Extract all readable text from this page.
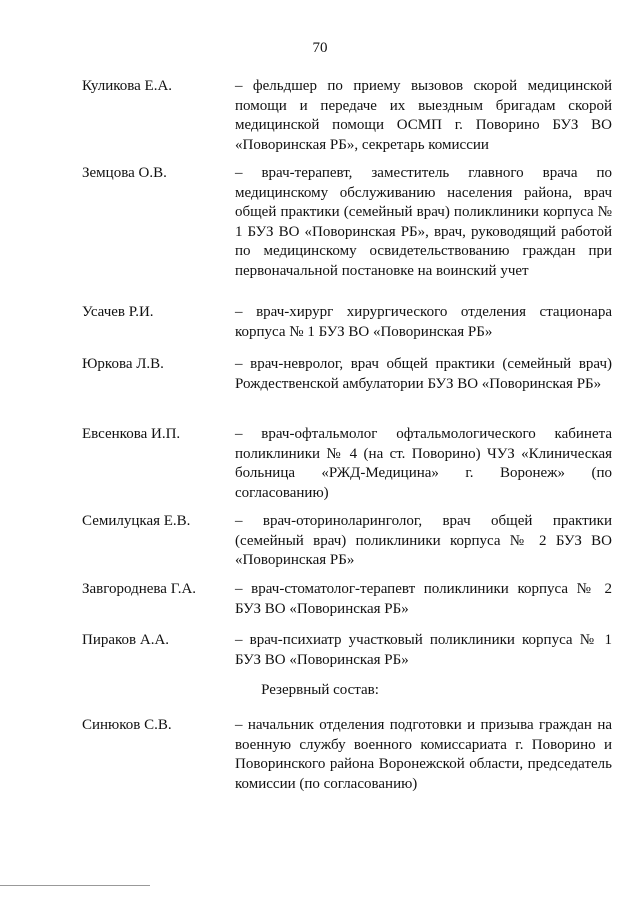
70
Куликова Е.А.	– фельдшер по приему вызовов скорой медицинской помощи и передаче их выездным бригадам скорой медицинской помощи ОСМП г. Поворино БУЗ ВО «Поворинская РБ», секретарь комиссии
Земцова О.В.	– врач-терапевт, заместитель главного врача по медицинскому обслуживанию населения района, врач общей практики (семейный врач) поликлиники корпуса № 1 БУЗ ВО «Поворинская РБ», врач, руководящий работой по медицинскому освидетельствованию граждан при первоначальной постановке на воинский учет
Усачев Р.И.	– врач-хирург хирургического отделения стационара корпуса № 1 БУЗ ВО «Поворинская РБ»
Юркова Л.В.	– врач-невролог, врач общей практики (семейный врач) Рождественской амбулатории БУЗ ВО «Поворинская РБ»
Евсенкова И.П.	– врач-офтальмолог офтальмологического кабинета поликлиники № 4 (на ст. Поворино) ЧУЗ «Клиническая больница «РЖД-Медицина» г. Воронеж» (по согласованию)
Семилуцкая Е.В.	– врач-оториноларинголог, врач общей практики (семейный врач) поликлиники корпуса № 2 БУЗ ВО «Поворинская РБ»
Завгороднева Г.А.	– врач-стоматолог-терапевт поликлиники корпуса № 2 БУЗ ВО «Поворинская РБ»
Пираков А.А.	– врач-психиатр участковый поликлиники корпуса № 1 БУЗ ВО «Поворинская РБ»
Резервный состав:
Синюков С.В.	– начальник отделения подготовки и призыва граждан на военную службу военного комиссариата г. Поворино и Поворинского района Воронежской области, председатель комиссии (по согласованию)
